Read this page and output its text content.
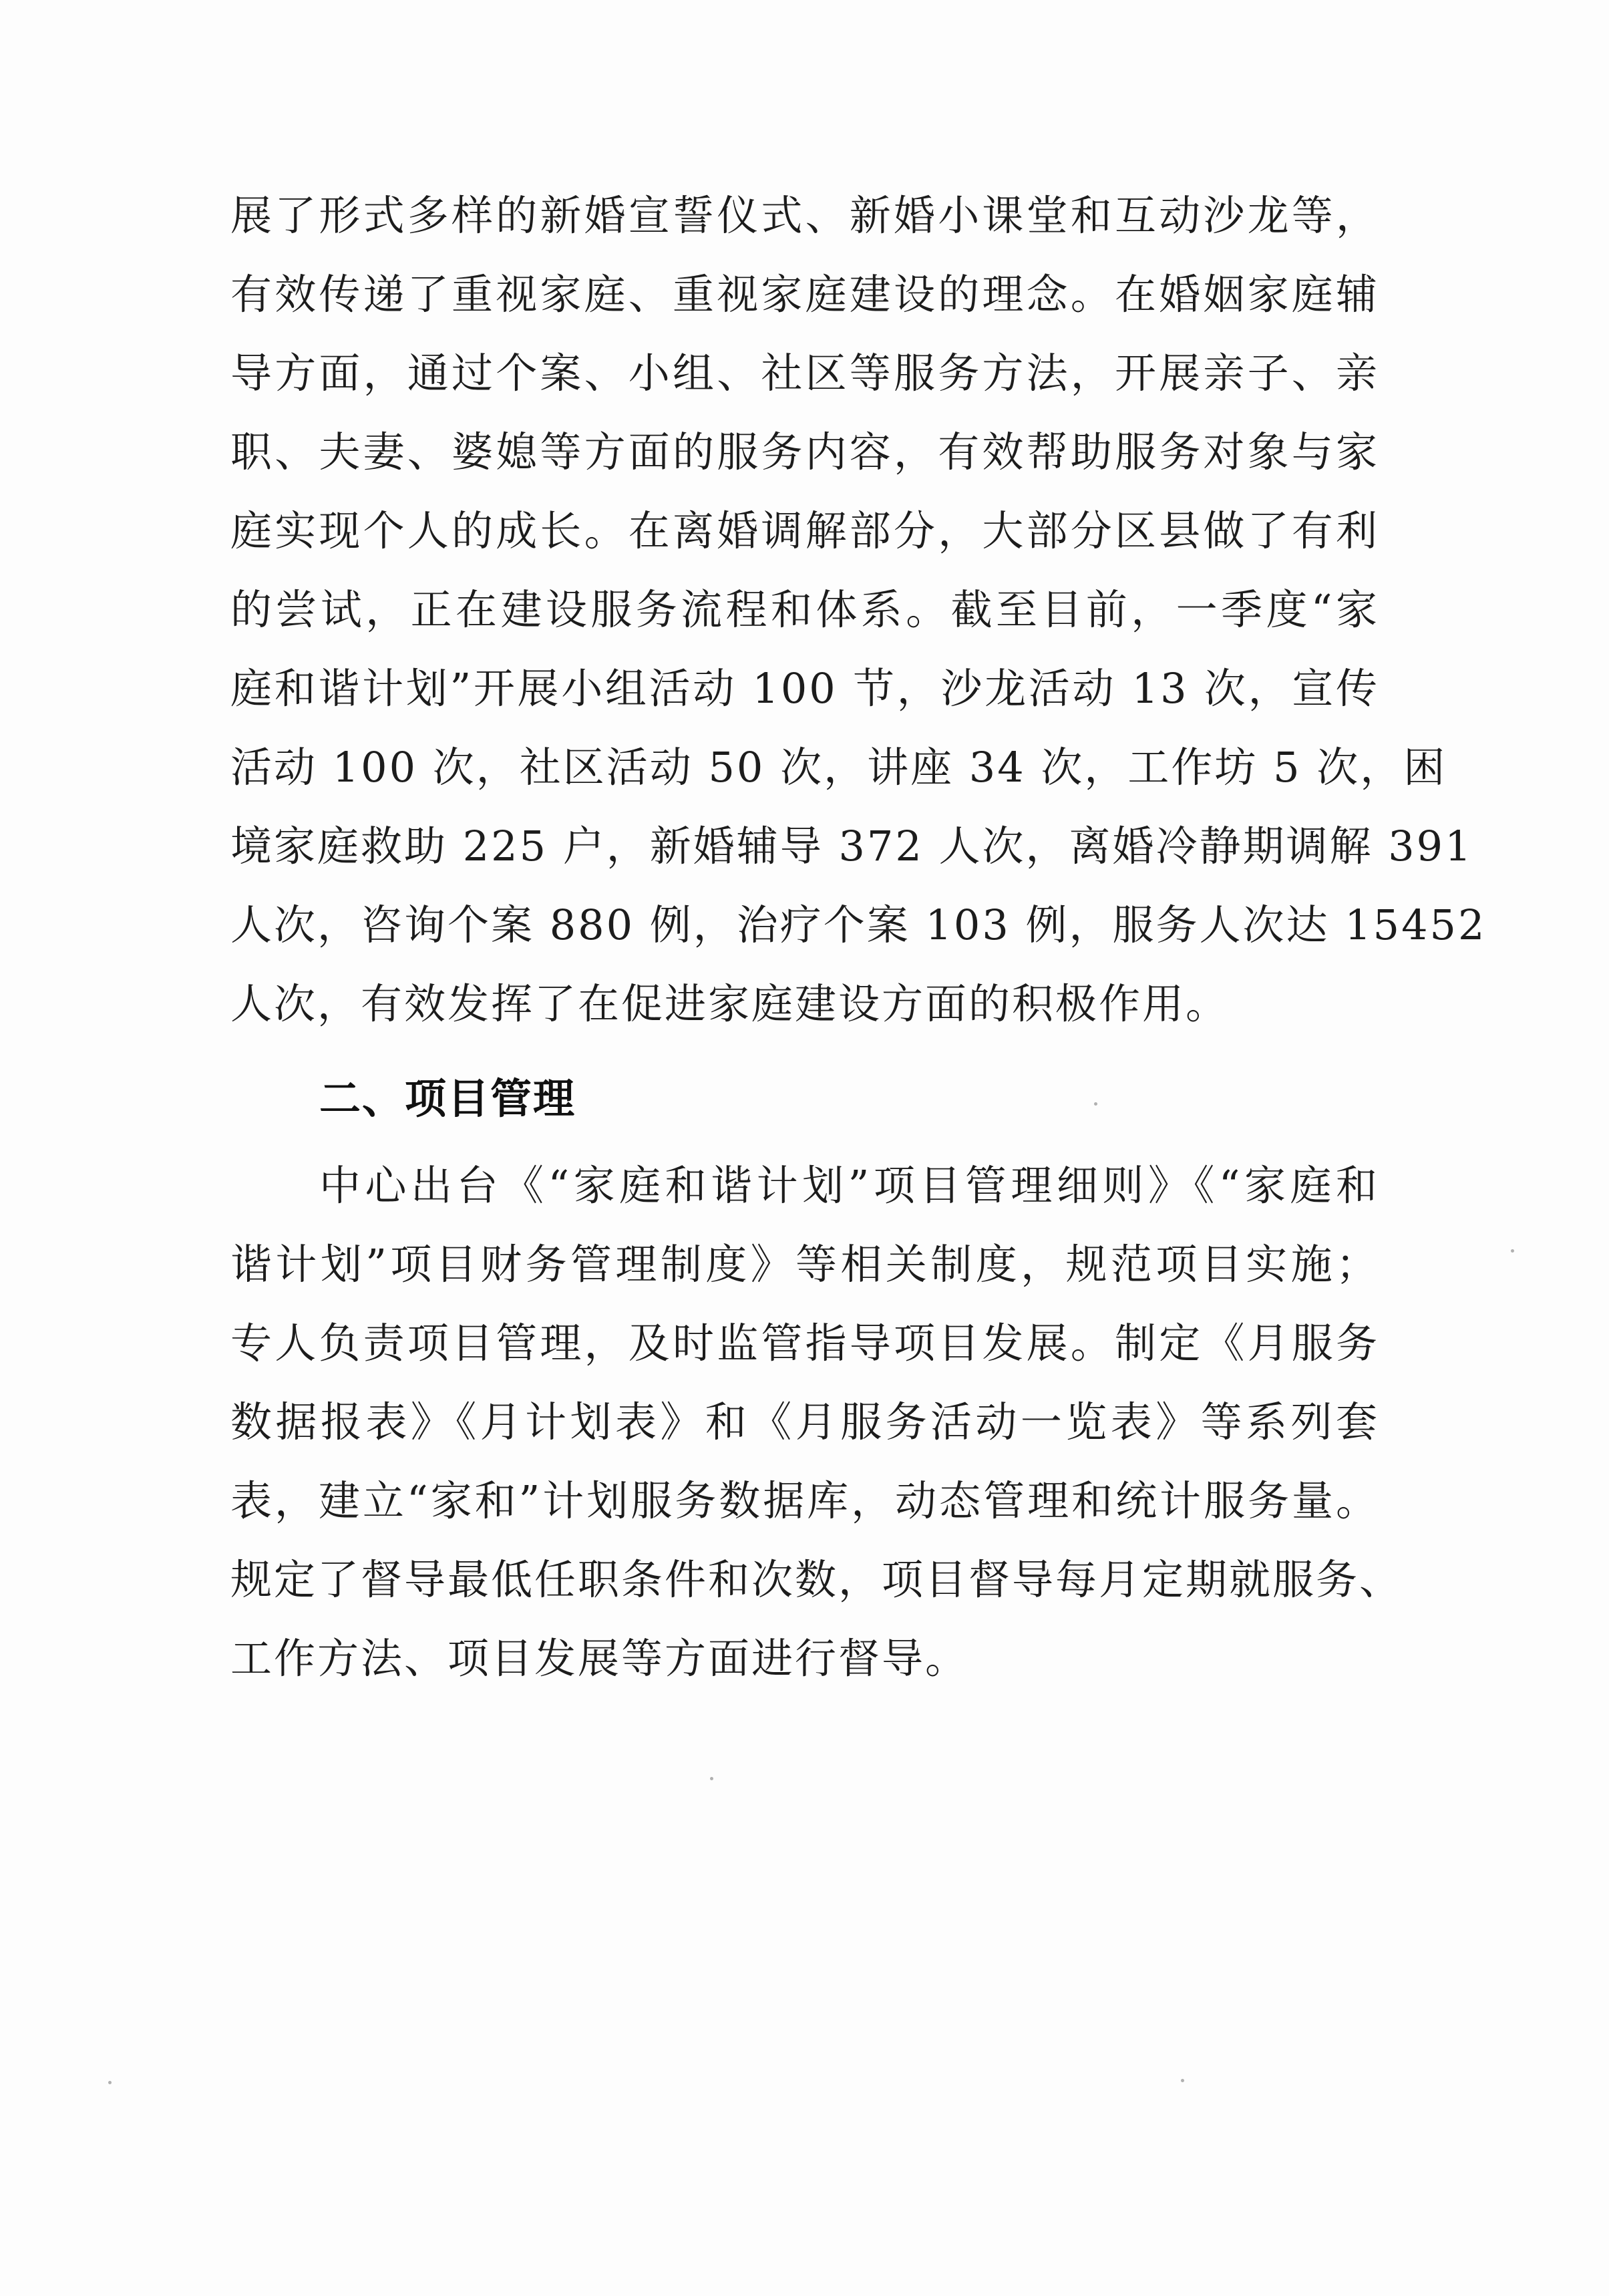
展了形式多样的新婚宣誓仪式、新婚小课堂和互动沙龙等，
有效传递了重视家庭、重视家庭建设的理念。在婚姻家庭辅
导方面，通过个案、小组、社区等服务方法，开展亲子、亲
职、夫妻、婆媳等方面的服务内容，有效帮助服务对象与家
庭实现个人的成长。在离婚调解部分，大部分区县做了有利
的尝试，正在建设服务流程和体系。截至目前，一季度“家
庭和谐计划”开展小组活动 100 节，沙龙活动 13 次，宣传
活动 100 次，社区活动 50 次，讲座 34 次，工作坊 5 次，困
境家庭救助 225 户，新婚辅导 372 人次，离婚冷静期调解 391
人次，咨询个案 880 例，治疗个案 103 例，服务人次达 15452
人次，有效发挥了在促进家庭建设方面的积极作用。
二、项目管理
中心出台《“家庭和谐计划”项目管理细则》《“家庭和
谐计划”项目财务管理制度》等相关制度，规范项目实施；
专人负责项目管理，及时监管指导项目发展。制定《月服务
数据报表》《月计划表》和《月服务活动一览表》等系列套
表，建立“家和”计划服务数据库，动态管理和统计服务量。
规定了督导最低任职条件和次数，项目督导每月定期就服务、
工作方法、项目发展等方面进行督导。
